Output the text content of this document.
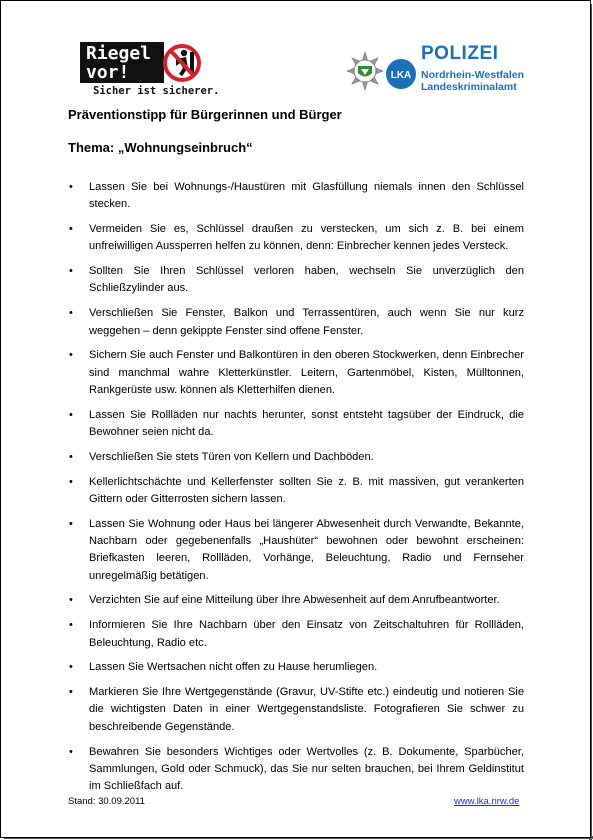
Riegel
vor!
Sicher ist sicherer.
LKA
POLIZEI
Nordrhein-Westfalen
Landeskriminalamt
Präventionstipp für Bürgerinnen und Bürger
Thema: „Wohnungseinbruch“
• Lassen Sie bei Wohnungs-/Haustüren mit Glasfüllung niemals innen den Schlüssel stecken.
• Vermeiden Sie es, Schlüssel draußen zu verstecken, um sich z. B. bei einem unfreiwilligen Aussperren helfen zu können, denn: Einbrecher kennen jedes Versteck.
• Sollten Sie Ihren Schlüssel verloren haben, wechseln Sie unverzüglich den Schließzylinder aus.
• Verschließen Sie Fenster, Balkon und Terrassentüren, auch wenn Sie nur kurz weggehen – denn gekippte Fenster sind offene Fenster.
• Sichern Sie auch Fenster und Balkontüren in den oberen Stockwerken, denn Einbrecher sind manchmal wahre Kletterkünstler. Leitern, Gartenmöbel, Kisten, Mülltonnen, Rankgerüste usw. können als Kletterhilfen dienen.
• Lassen Sie Rollläden nur nachts herunter, sonst entsteht tagsüber der Eindruck, die Bewohner seien nicht da.
• Verschließen Sie stets Türen von Kellern und Dachböden.
• Kellerlichtschächte und Kellerfenster sollten Sie z. B. mit massiven, gut verankerten Gittern oder Gitterrosten sichern lassen.
• Lassen Sie Wohnung oder Haus bei längerer Abwesenheit durch Verwandte, Bekannte, Nachbarn oder gegebenenfalls „Haushüter“ bewohnen oder bewohnt erscheinen: Briefkasten leeren, Rollläden, Vorhänge, Beleuchtung, Radio und Fernseher unregelmäßig betätigen.
• Verzichten Sie auf eine Mitteilung über Ihre Abwesenheit auf dem Anrufbeantworter.
• Informieren Sie Ihre Nachbarn über den Einsatz von Zeitschaltuhren für Rollläden, Beleuchtung, Radio etc.
• Lassen Sie Wertsachen nicht offen zu Hause herumliegen.
• Markieren Sie Ihre Wertgegenstände (Gravur, UV-Stifte etc.) eindeutig und notieren Sie die wichtigsten Daten in einer Wertgegenstandsliste. Fotografieren Sie schwer zu beschreibende Gegenstände.
• Bewahren Sie besonders Wichtiges oder Wertvolles (z. B. Dokumente, Sparbücher, Sammlungen, Gold oder Schmuck), das Sie nur selten brauchen, bei Ihrem Geldinstitut im Schließfach auf.
Stand: 30.09.2011	www.lka.nrw.de
